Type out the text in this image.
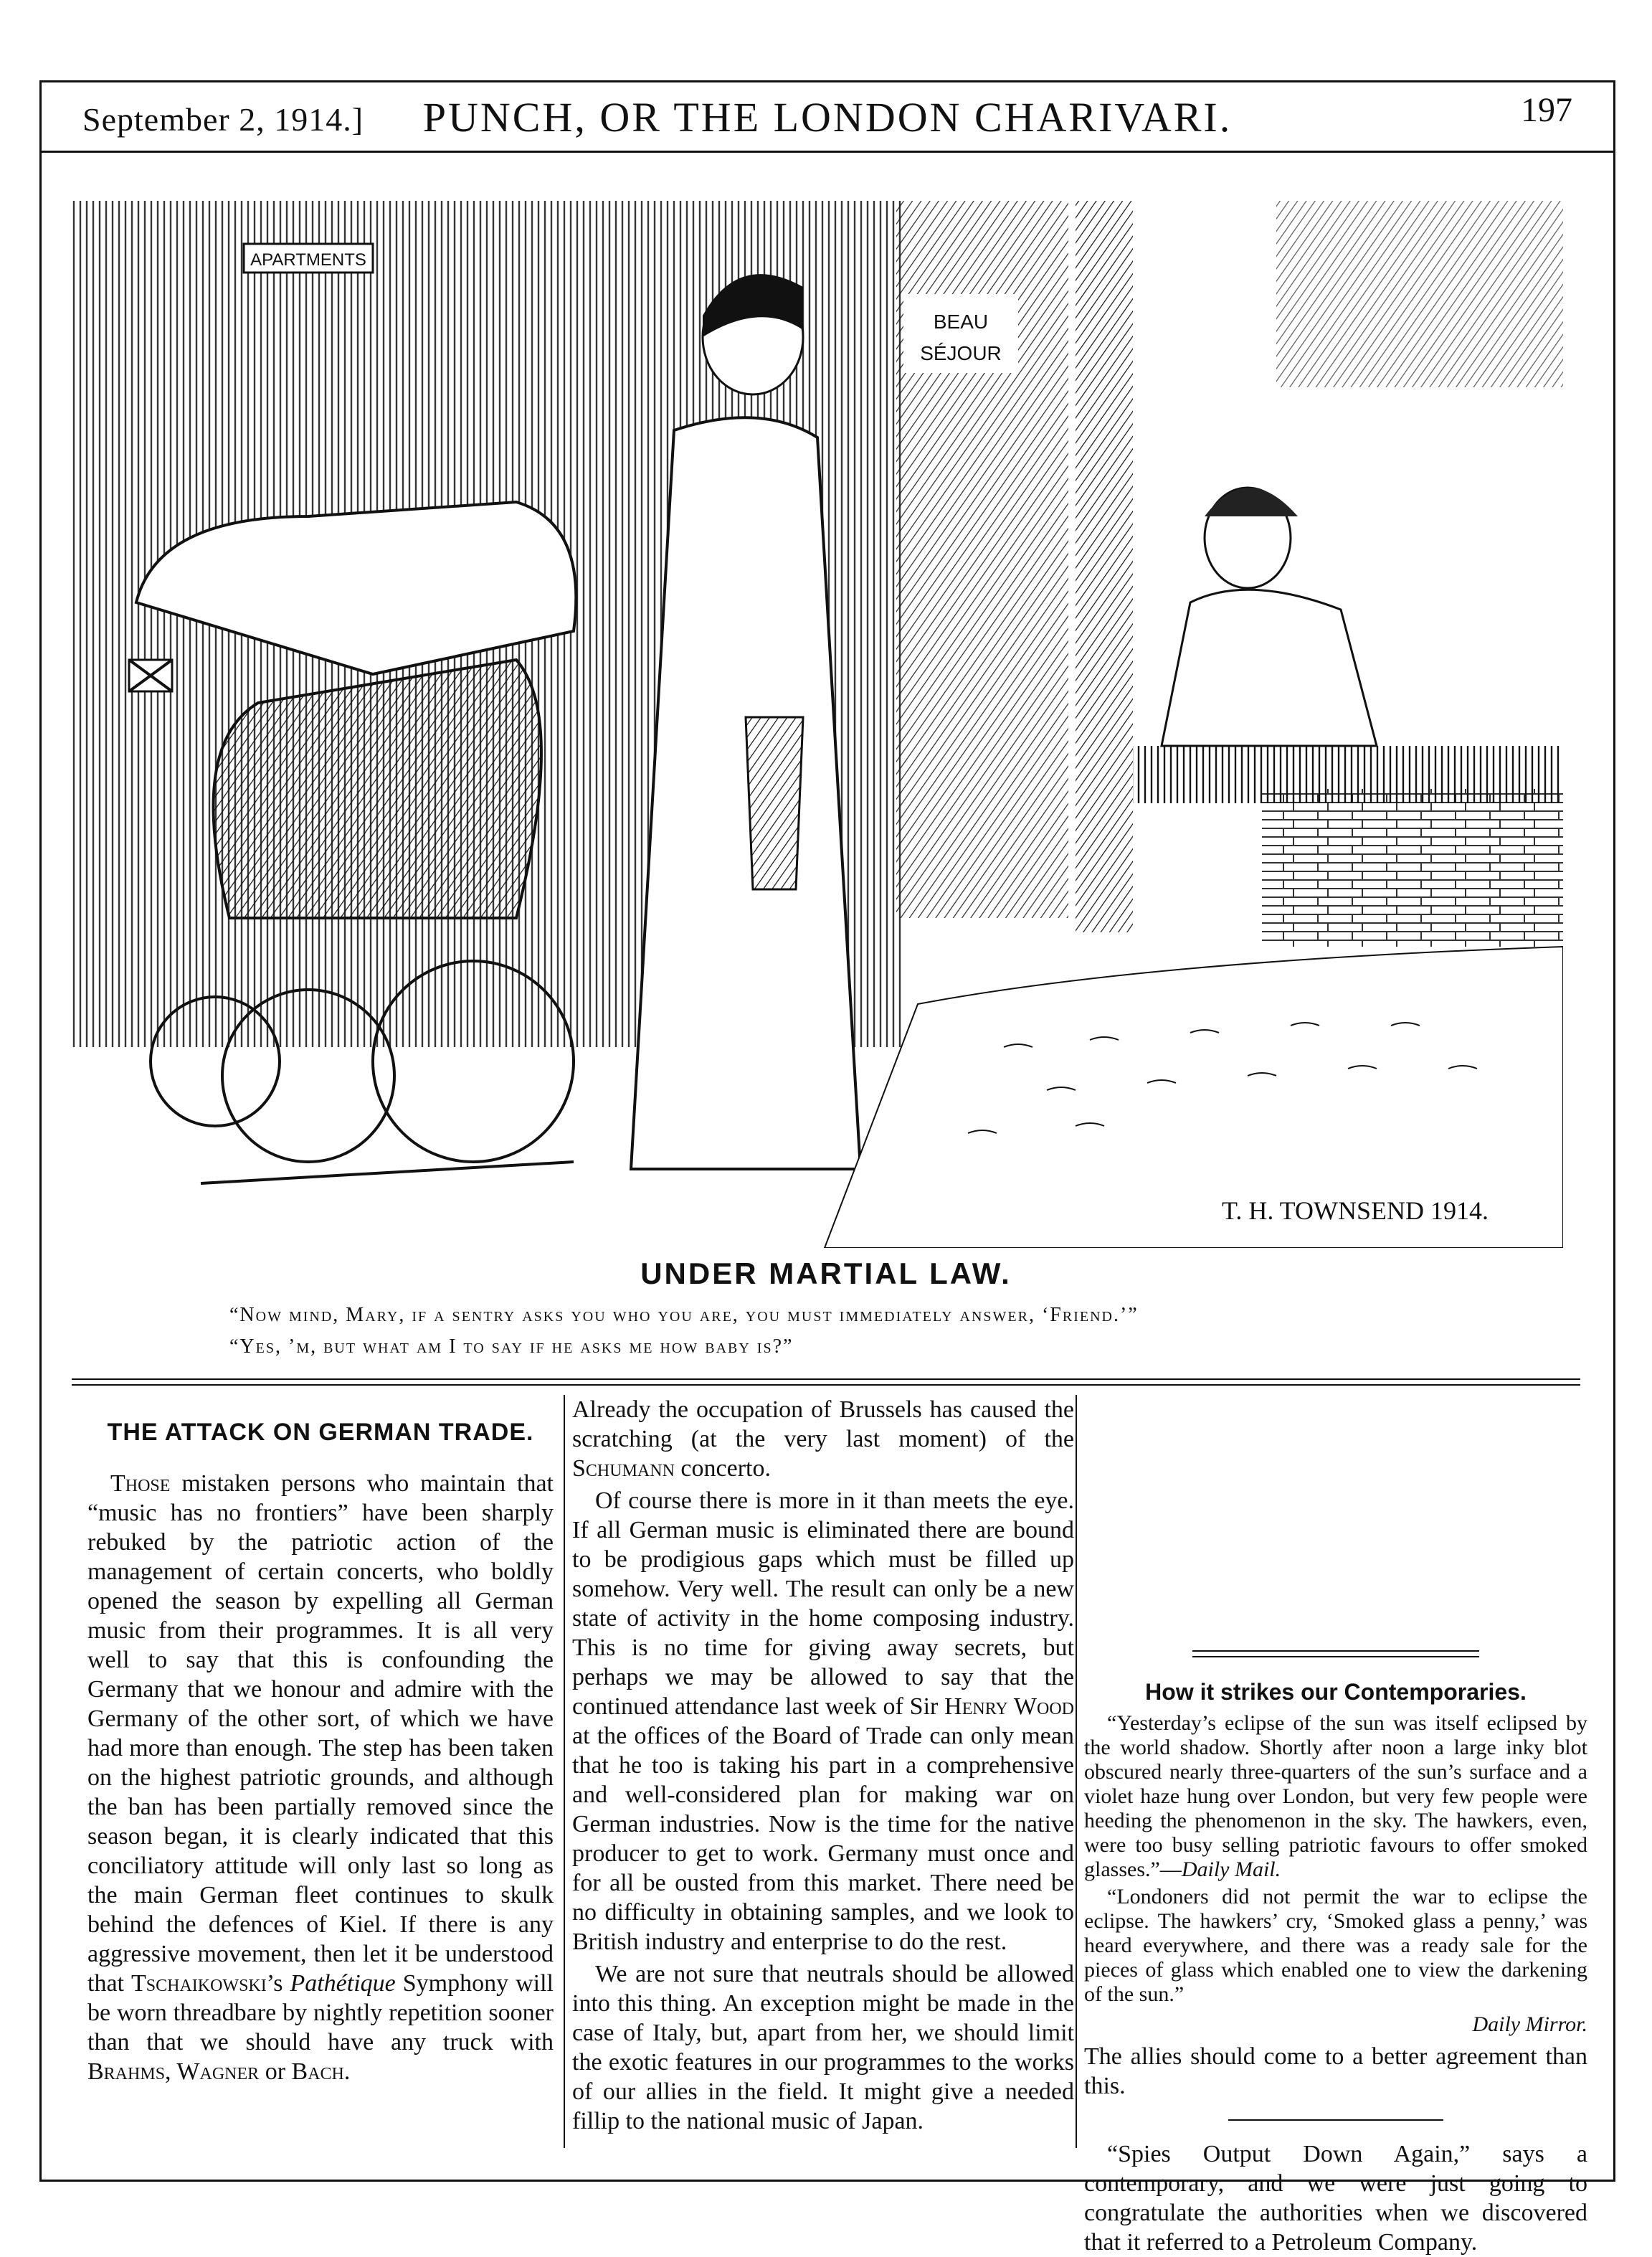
September 2, 1914.]	PUNCH, OR THE LONDON CHARIVARI.	197
APARTMENTS
BEAU
SÉJOUR
T. H. TOWNSEND 1914.
UNDER MARTIAL LAW.
“Now mind, Mary, if a sentry asks you who you are, you must immediately answer, ‘Friend.’”
“Yes, ’m, but what am I to say if he asks me how baby is?”
THE ATTACK ON GERMAN TRADE.

Those mistaken persons who maintain that “music has no frontiers” have been sharply rebuked by the patriotic action of the management of certain concerts, who boldly opened the season by expelling all German music from their programmes. It is all very well to say that this is confounding the Germany that we honour and admire with the Germany of the other sort, of which we have had more than enough. The step has been taken on the highest patriotic grounds, and although the ban has been partially removed since the season began, it is clearly indicated that this conciliatory attitude will only last so long as the main German fleet continues to skulk behind the defences of Kiel. If there is any aggressive movement, then let it be understood that Tschaikowski’s Pathétique Symphony will be worn threadbare by nightly repetition sooner than that we should have any truck with Brahms, Wagner or Bach.

Already the occupation of Brussels has caused the scratching (at the very last moment) of the Schumann concerto.

Of course there is more in it than meets the eye. If all German music is eliminated there are bound to be prodigious gaps which must be filled up somehow. Very well. The result can only be a new state of activity in the home composing industry. This is no time for giving away secrets, but perhaps we may be allowed to say that the continued attendance last week of Sir Henry Wood at the offices of the Board of Trade can only mean that he too is taking his part in a comprehensive and well-considered plan for making war on German industries. Now is the time for the native producer to get to work. Germany must once and for all be ousted from this market. There need be no difficulty in obtaining samples, and we look to British industry and enterprise to do the rest.

We are not sure that neutrals should be allowed into this thing. An exception might be made in the case of Italy, but, apart from her, we should limit the exotic features in our programmes to the works of our allies in the field. It might give a needed fillip to the national music of Japan.

How it strikes our Contemporaries.

“Yesterday’s eclipse of the sun was itself eclipsed by the world shadow. Shortly after noon a large inky blot obscured nearly three-quarters of the sun’s surface and a violet haze hung over London, but very few people were heeding the phenomenon in the sky. The hawkers, even, were too busy selling patriotic favours to offer smoked glasses.”—Daily Mail.

“Londoners did not permit the war to eclipse the eclipse. The hawkers’ cry, ‘Smoked glass a penny,’ was heard everywhere, and there was a ready sale for the pieces of glass which enabled one to view the darkening of the sun.”

Daily Mirror.

The allies should come to a better agreement than this.

“Spies Output Down Again,” says a contemporary, and we were just going to congratulate the authorities when we discovered that it referred to a Petroleum Company.
